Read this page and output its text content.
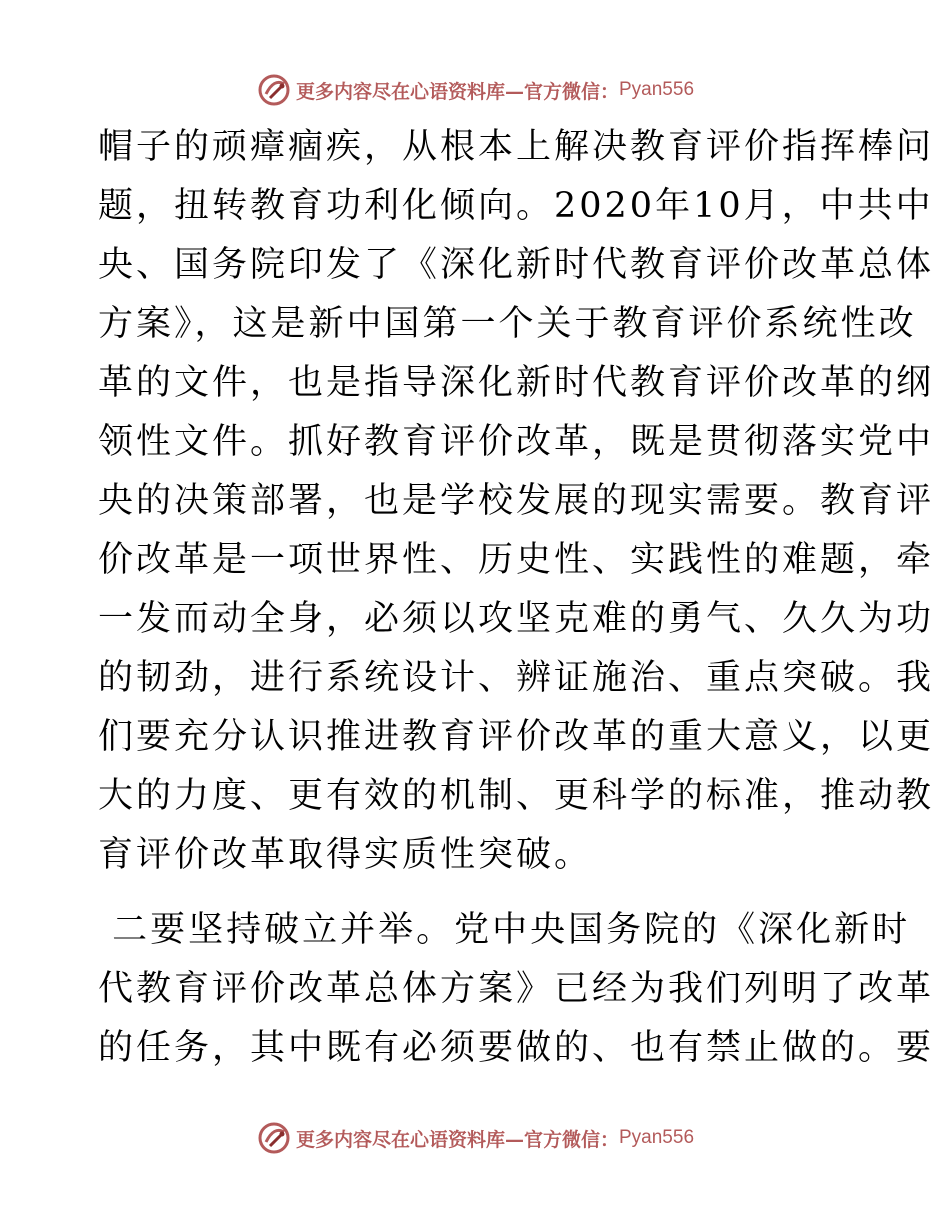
更多内容尽在心语资料库—官方微信： Pyan556
帽子的顽瘴痼疾，从根本上解决教育评价指挥棒问
题，扭转教育功利化倾向。2020年10月，中共中
央、国务院印发了《深化新时代教育评价改革总体
方案》，这是新中国第一个关于教育评价系统性改
革的文件，也是指导深化新时代教育评价改革的纲
领性文件。抓好教育评价改革，既是贯彻落实党中
央的决策部署，也是学校发展的现实需要。教育评
价改革是一项世界性、历史性、实践性的难题，牵
一发而动全身，必须以攻坚克难的勇气、久久为功
的韧劲，进行系统设计、辨证施治、重点突破。我
们要充分认识推进教育评价改革的重大意义，以更
大的力度、更有效的机制、更科学的标准，推动教
育评价改革取得实质性突破。
二要坚持破立并举。党中央国务院的《深化新时
代教育评价改革总体方案》已经为我们列明了改革
的任务，其中既有必须要做的、也有禁止做的。要
更多内容尽在心语资料库—官方微信： Pyan556
